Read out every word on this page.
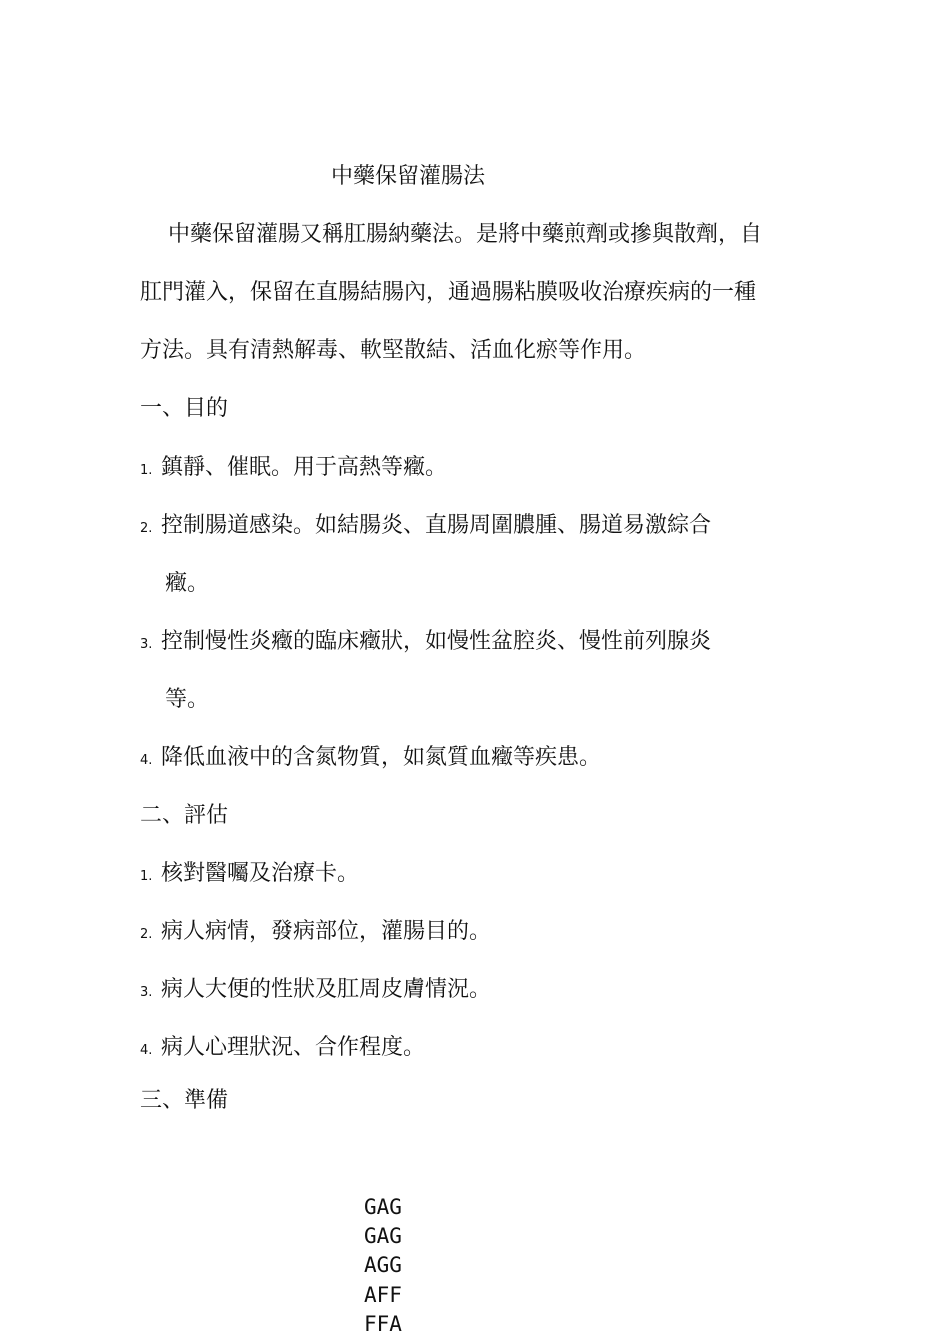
中藥保留灌腸法
中藥保留灌腸又稱肛腸納藥法。是將中藥煎劑或摻與散劑，自
肛門灌入，保留在直腸結腸內，通過腸粘膜吸收治療疾病的一種
方法。具有清熱解毒、軟堅散結、活血化瘀等作用。
一、目的
1. 鎮靜、催眠。用于高熱等癥。
2. 控制腸道感染。如結腸炎、直腸周圍膿腫、腸道易激綜合
癥。
3. 控制慢性炎癥的臨床癥狀，如慢性盆腔炎、慢性前列腺炎
等。
4. 降低血液中的含氮物質，如氮質血癥等疾患。
二、評估
1. 核對醫囑及治療卡。
2. 病人病情，發病部位，灌腸目的。
3. 病人大便的性狀及肛周皮膚情況。
4. 病人心理狀況、合作程度。
三、準備
GAG
GAG
AGG
AFF
FFA
